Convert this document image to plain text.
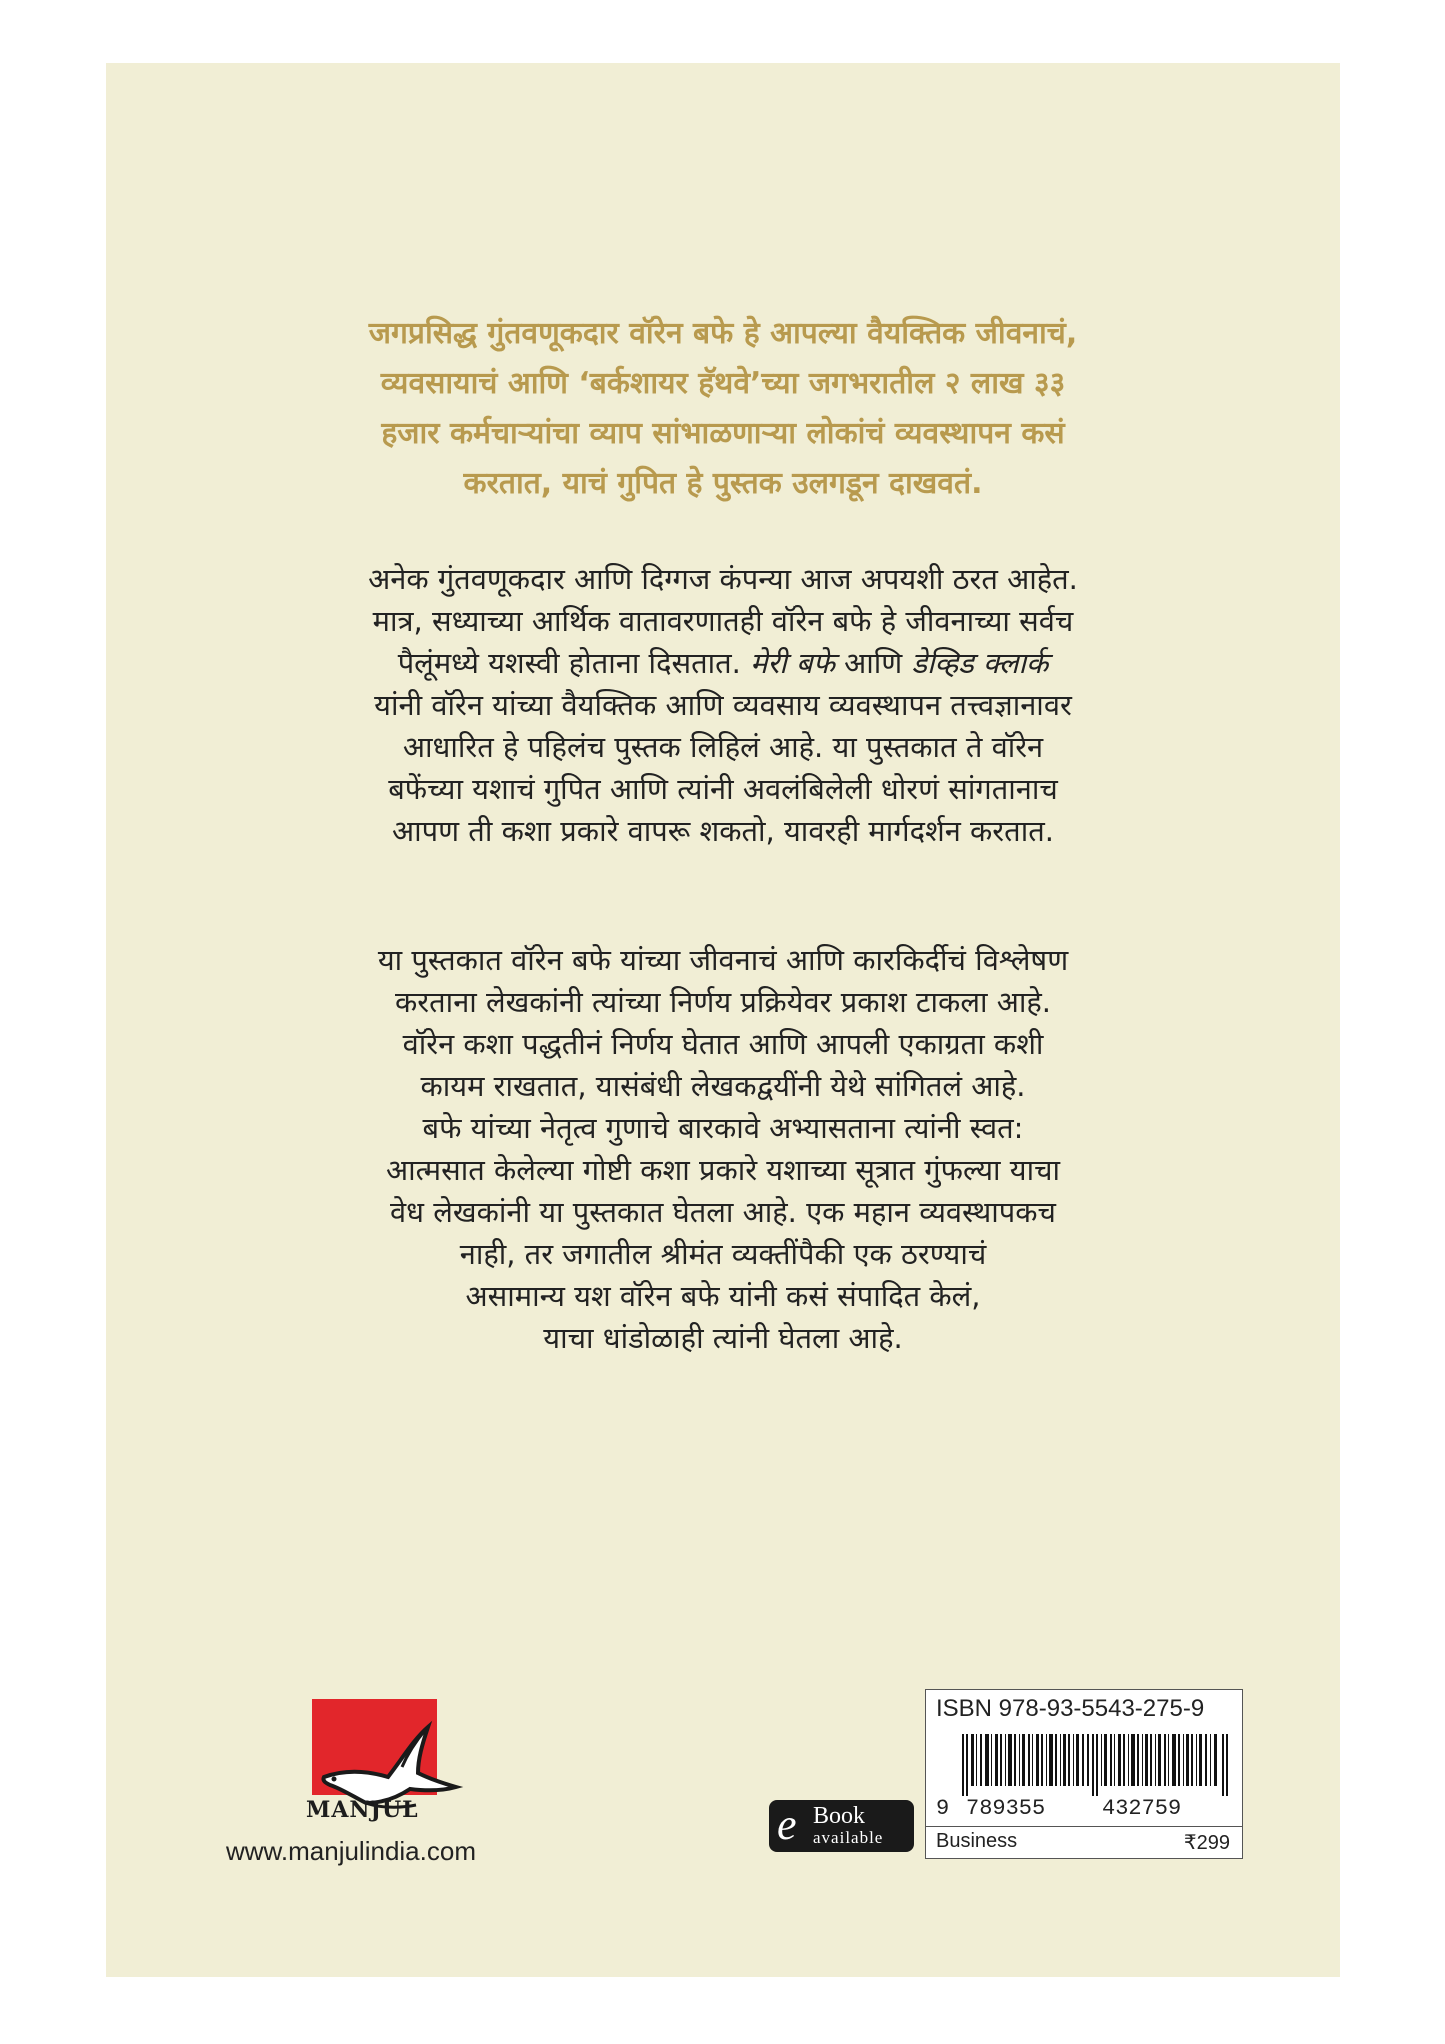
जगप्रसिद्ध गुंतवणूकदार वॉरेन बफे हे आपल्या वैयक्तिक जीवनाचं,
व्यवसायाचं आणि ‘बर्कशायर हॅथवे’च्या जगभरातील २ लाख ३३
हजार कर्मचाऱ्यांचा व्याप सांभाळणाऱ्या लोकांचं व्यवस्थापन कसं
करतात, याचं गुपित हे पुस्तक उलगडून दाखवतं.

अनेक गुंतवणूकदार आणि दिग्गज कंपन्या आज अपयशी ठरत आहेत.
मात्र, सध्याच्या आर्थिक वातावरणातही वॉरेन बफे हे जीवनाच्या सर्वच
पैलूंमध्ये यशस्वी होताना दिसतात. मेरी बफे आणि डेव्हिड क्लार्क
यांनी वॉरेन यांच्या वैयक्तिक आणि व्यवसाय व्यवस्थापन तत्त्वज्ञानावर
आधारित हे पहिलंच पुस्तक लिहिलं आहे. या पुस्तकात ते वॉरेन
बफेंच्या यशाचं गुपित आणि त्यांनी अवलंबिलेली धोरणं सांगतानाच
आपण ती कशा प्रकारे वापरू शकतो, यावरही मार्गदर्शन करतात.

या पुस्तकात वॉरेन बफे यांच्या जीवनाचं आणि कारकिर्दीचं विश्लेषण
करताना लेखकांनी त्यांच्या निर्णय प्रक्रियेवर प्रकाश टाकला आहे.
वॉरेन कशा पद्धतीनं निर्णय घेतात आणि आपली एकाग्रता कशी
कायम राखतात, यासंबंधी लेखकद्वयींनी येथे सांगितलं आहे.
बफे यांच्या नेतृत्व गुणाचे बारकावे अभ्यासताना त्यांनी स्वत:
आत्मसात केलेल्या गोष्टी कशा प्रकारे यशाच्या सूत्रात गुंफल्या याचा
वेध लेखकांनी या पुस्तकात घेतला आहे. एक महान व्यवस्थापकच
नाही, तर जगातील श्रीमंत व्यक्तींपैकी एक ठरण्याचं
असामान्य यश वॉरेन बफे यांनी कसं संपादित केलं,
याचा धांडोळाही त्यांनी घेतला आहे.

MANJUL
www.manjulindia.com
e Book
available
ISBN 978-93-5543-275-9
9 789355	432759
Business	₹299
